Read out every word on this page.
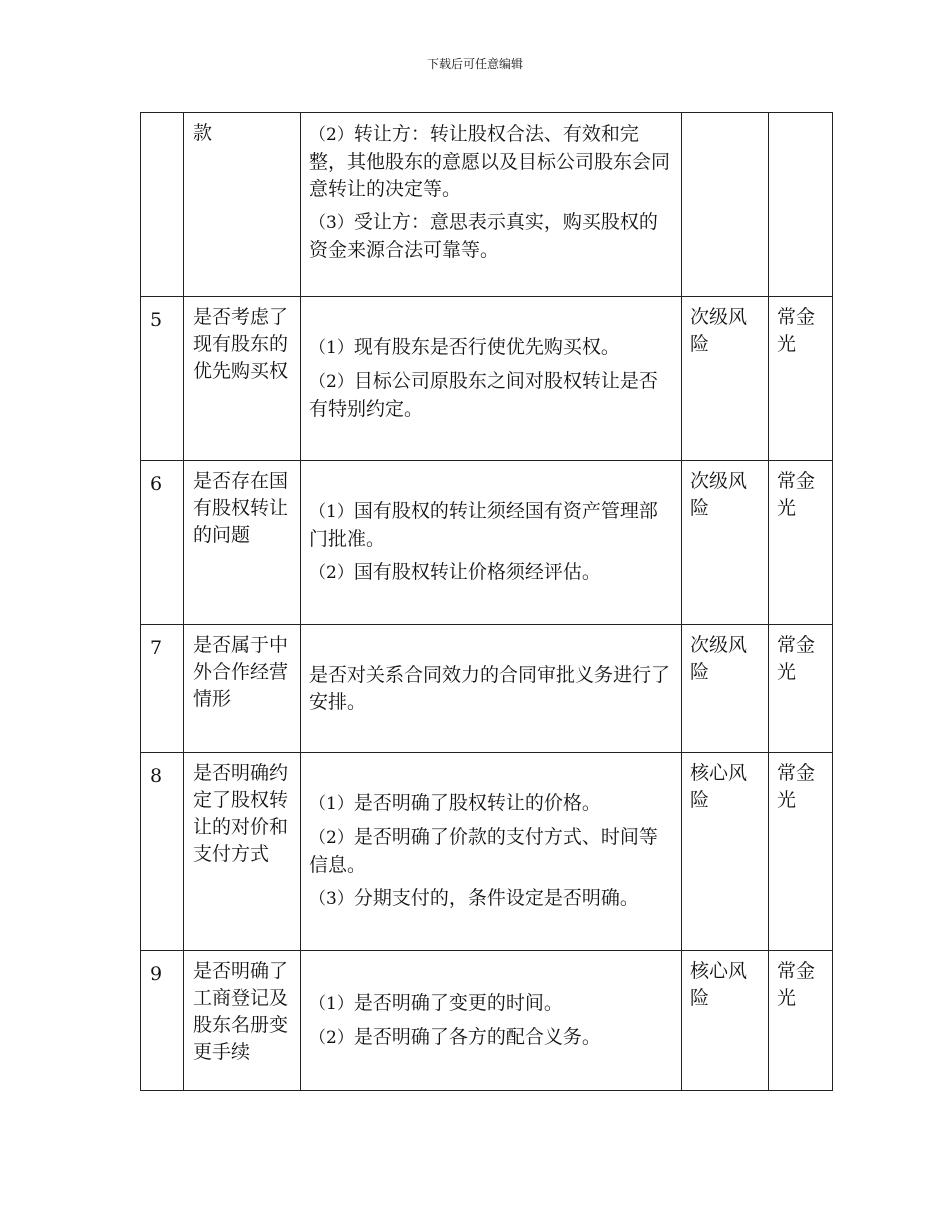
下载后可任意编辑
	款	（2）转让方：转让股权合法、有效和完整，其他股东的意愿以及目标公司股东会同意转让的决定等。

（3）受让方：意思表示真实，购买股权的资金来源合法可靠等。		

5	是否考虑了现有股东的优先购买权	（1）现有股东是否行使优先购买权。

（2）目标公司原股东之间对股权转让是否有特别约定。	次级风险	常金光
6	是否存在国有股权转让的问题	（1）国有股权的转让须经国有资产管理部门批准。

（2）国有股权转让价格须经评估。	次级风险	常金光
7	是否属于中外合作经营情形	是否对关系合同效力的合同审批义务进行了安排。	次级风险	常金光
8	是否明确约定了股权转让的对价和支付方式	（1）是否明确了股权转让的价格。

（2）是否明确了价款的支付方式、时间等信息。

（3）分期支付的，条件设定是否明确。	核心风险	常金光
9	是否明确了工商登记及股东名册变更手续	（1）是否明确了变更的时间。

（2）是否明确了各方的配合义务。	核心风险	常金光
